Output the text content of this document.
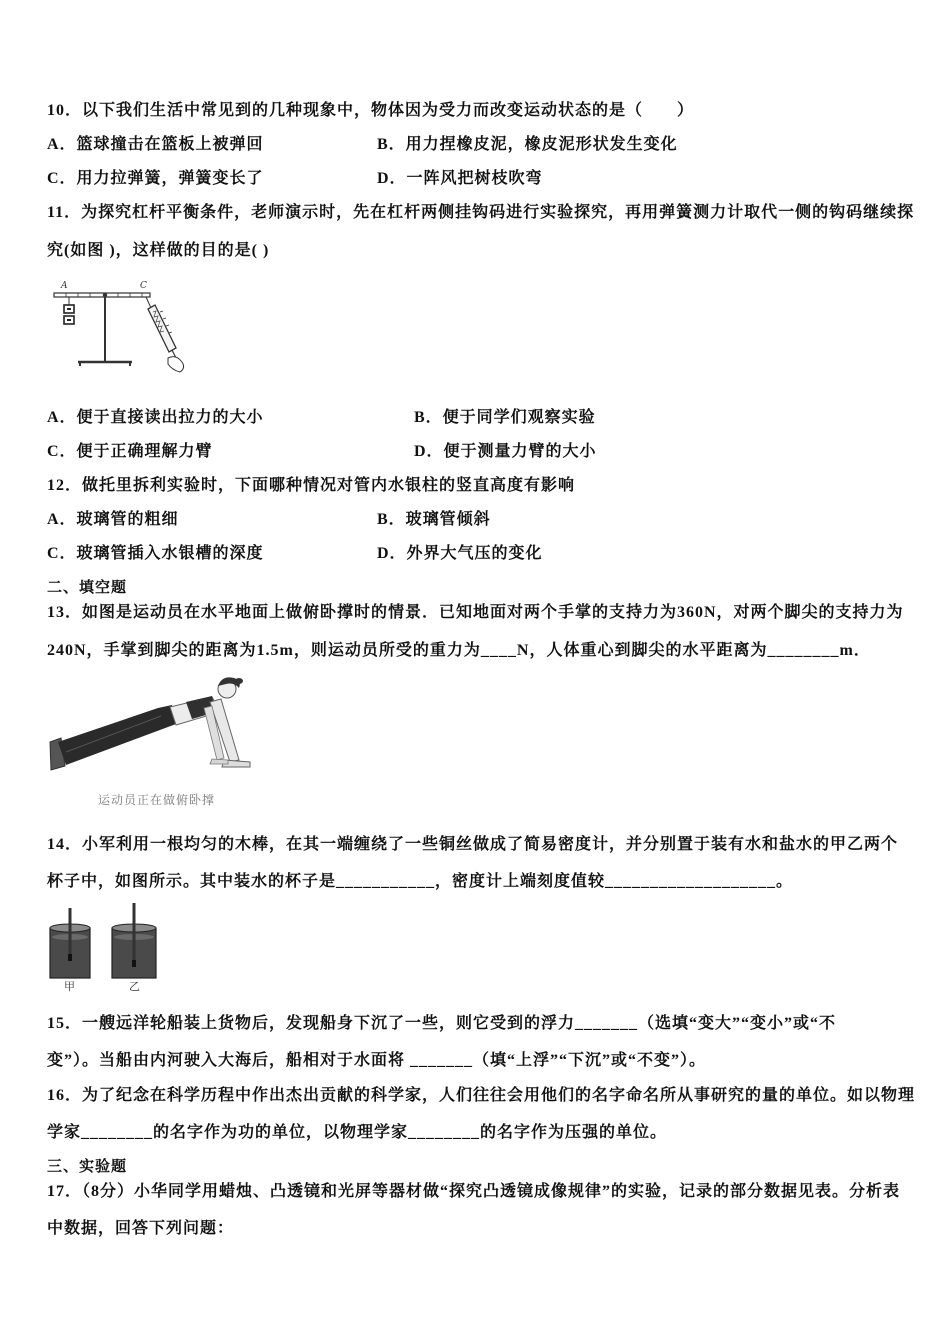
10．以下我们生活中常见到的几种现象中，物体因为受力而改变运动状态的是（　　）
A．篮球撞击在篮板上被弹回	B．用力捏橡皮泥，橡皮泥形状发生变化
C．用力拉弹簧，弹簧变长了	D．一阵风把树枝吹弯
11．为探究杠杆平衡条件，老师演示时，先在杠杆两侧挂钩码进行实验探究，再用弹簧测力计取代一侧的钩码继续探
究(如图 )，这样做的目的是( )
A	C
A．便于直接读出拉力的大小	B．便于同学们观察实验
C．便于正确理解力臂	D．便于测量力臂的大小
12．做托里拆利实验时，下面哪种情况对管内水银柱的竖直高度有影响
A．玻璃管的粗细	B．玻璃管倾斜
C．玻璃管插入水银槽的深度	D．外界大气压的变化
二、填空题
13．如图是运动员在水平地面上做俯卧撑时的情景．已知地面对两个手掌的支持力为360N，对两个脚尖的支持力为
240N，手掌到脚尖的距离为1.5m，则运动员所受的重力为____N，人体重心到脚尖的水平距离为________m．
运动员正在做俯卧撑
14．小军利用一根均匀的木棒，在其一端缠绕了一些铜丝做成了简易密度计，并分别置于装有水和盐水的甲乙两个
杯子中，如图所示。其中装水的杯子是___________，密度计上端刻度值较___________________。
甲	乙
15．一艘远洋轮船装上货物后，发现船身下沉了一些，则它受到的浮力_______（选填“变大”“变小”或“不
变”）。当船由内河驶入大海后，船相对于水面将 _______（填“上浮”“下沉”或“不变”）。
16．为了纪念在科学历程中作出杰出贡献的科学家，人们往往会用他们的名字命名所从事研究的量的单位。如以物理
学家________的名字作为功的单位，以物理学家________的名字作为压强的单位。
三、实验题
17．（8分）小华同学用蜡烛、凸透镜和光屏等器材做“探究凸透镜成像规律”的实验，记录的部分数据见表。分析表
中数据，回答下列问题：
